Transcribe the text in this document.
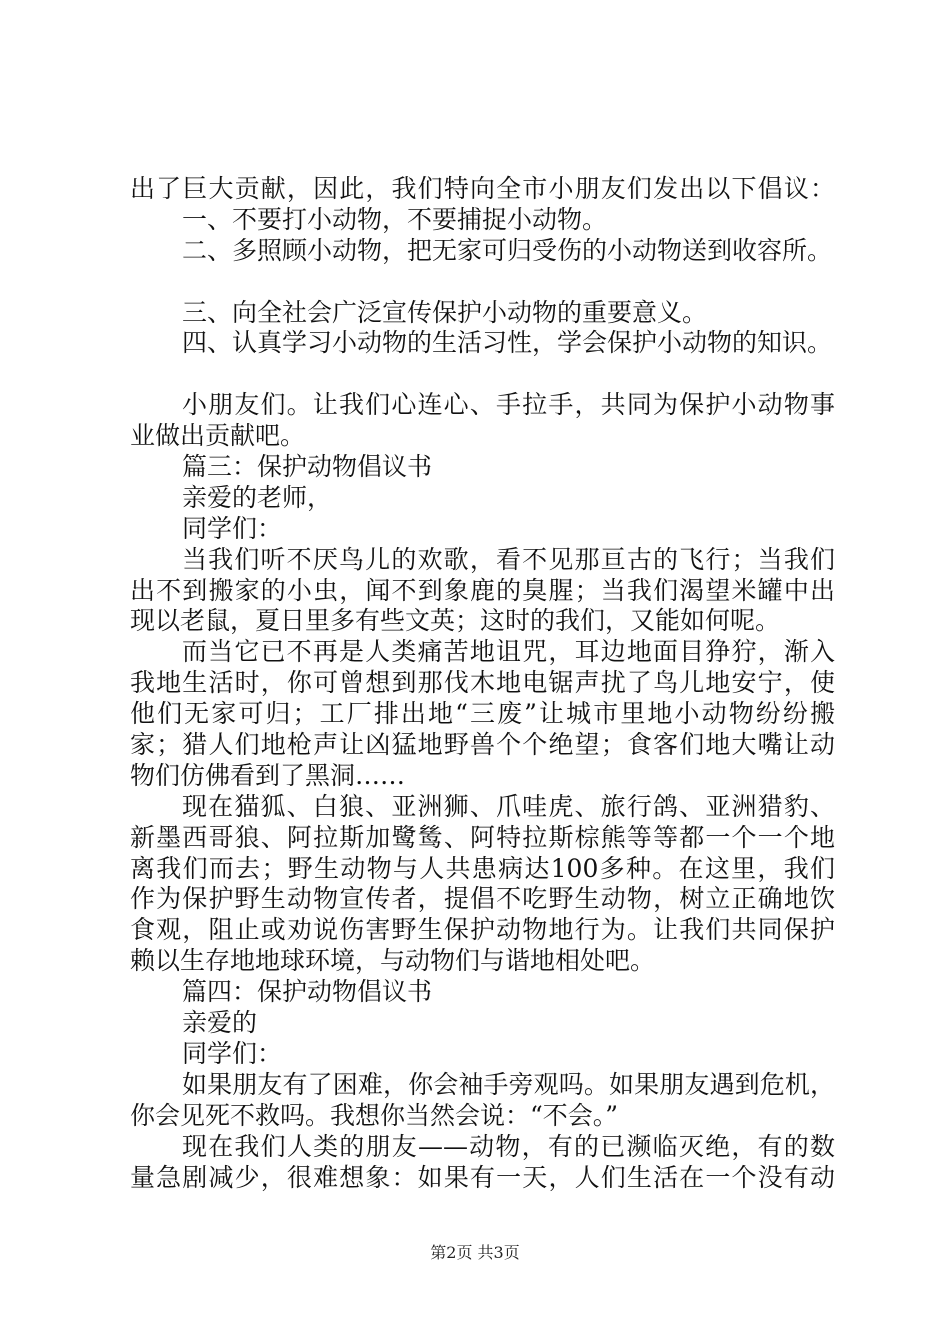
出了巨大贡献，因此，我们特向全市小朋友们发出以下倡议：
一、不要打小动物，不要捕捉小动物。
二、多照顾小动物，把无家可归受伤的小动物送到收容所。
三、向全社会广泛宣传保护小动物的重要意义。
四、认真学习小动物的生活习性，学会保护小动物的知识。
小朋友们。让我们心连心、手拉手，共同为保护小动物事
业做出贡献吧。
篇三：保护动物倡议书
亲爱的老师，
同学们：
当我们听不厌鸟儿的欢歌，看不见那亘古的飞行；当我们
出不到搬家的小虫，闻不到象鹿的臭腥；当我们渴望米罐中出
现以老鼠，夏日里多有些文英；这时的我们，又能如何呢。
而当它已不再是人类痛苦地诅咒，耳边地面目狰狞，渐入
我地生活时，你可曾想到那伐木地电锯声扰了鸟儿地安宁，使
他们无家可归；工厂排出地“三废”让城市里地小动物纷纷搬
家；猎人们地枪声让凶猛地野兽个个绝望；食客们地大嘴让动
物们仿佛看到了黑洞……
现在猫狐、白狼、亚洲狮、爪哇虎、旅行鸽、亚洲猎豹、
新墨西哥狼、阿拉斯加鹭鸶、阿特拉斯棕熊等等都一个一个地
离我们而去；野生动物与人共患病达100多种。在这里，我们
作为保护野生动物宣传者，提倡不吃野生动物，树立正确地饮
食观，阻止或劝说伤害野生保护动物地行为。让我们共同保护
赖以生存地地球环境，与动物们与谐地相处吧。
篇四：保护动物倡议书
亲爱的
同学们：
如果朋友有了困难，你会袖手旁观吗。如果朋友遇到危机，
你会见死不救吗。我想你当然会说：“不会。”
现在我们人类的朋友——动物，有的已濒临灭绝，有的数
量急剧减少，很难想象：如果有一天，人们生活在一个没有动
第2页 共3页
